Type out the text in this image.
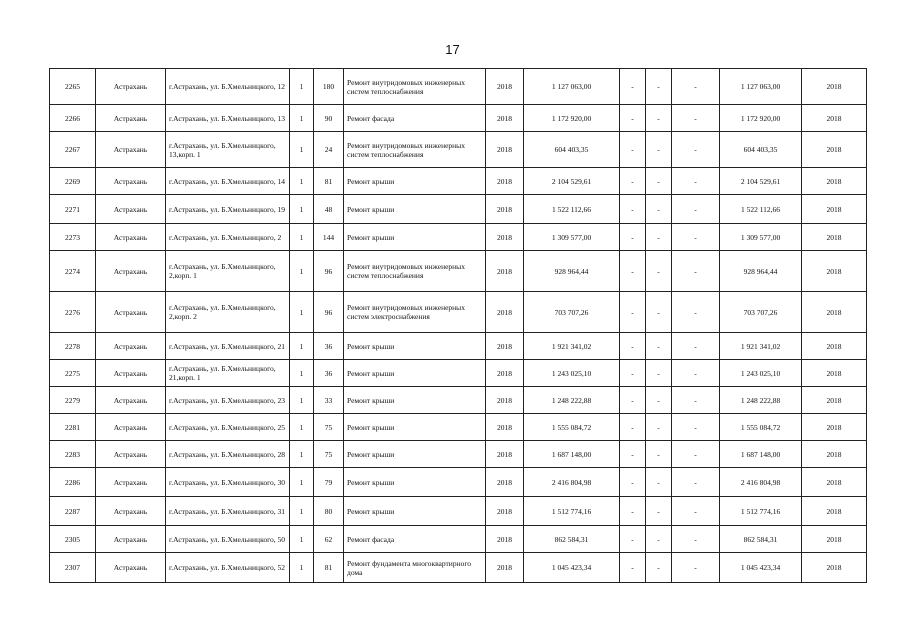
17
2265	Астрахань	г.Астрахань, ул. Б.Хмельницкого, 12	1	180	Ремонт внутридомовых инженерных систем теплоснабжения	2018	1 127 063,00	-	-	-	1 127 063,00	2018
2266	Астрахань	г.Астрахань, ул. Б.Хмельницкого, 13	1	90	Ремонт фасада	2018	1 172 920,00	-	-	-	1 172 920,00	2018
2267	Астрахань	г.Астрахань, ул. Б.Хмельницкого, 13,корп. 1	1	24	Ремонт внутридомовых инженерных систем теплоснабжения	2018	604 403,35	-	-	-	604 403,35	2018
2269	Астрахань	г.Астрахань, ул. Б.Хмельницкого, 14	1	81	Ремонт крыши	2018	2 104 529,61	-	-	-	2 104 529,61	2018
2271	Астрахань	г.Астрахань, ул. Б.Хмельницкого, 19	1	48	Ремонт крыши	2018	1 522 112,66	-	-	-	1 522 112,66	2018
2273	Астрахань	г.Астрахань, ул. Б.Хмельницкого, 2	1	144	Ремонт крыши	2018	1 309 577,00	-	-	-	1 309 577,00	2018
2274	Астрахань	г.Астрахань, ул. Б.Хмельницкого, 2,корп. 1	1	96	Ремонт внутридомовых инженерных систем теплоснабжения	2018	928 964,44	-	-	-	928 964,44	2018
2276	Астрахань	г.Астрахань, ул. Б.Хмельницкого, 2,корп. 2	1	96	Ремонт внутридомовых инженерных систем электроснабжения	2018	703 707,26	-	-	-	703 707,26	2018
2278	Астрахань	г.Астрахань, ул. Б.Хмельницкого, 21	1	36	Ремонт крыши	2018	1 921 341,02	-	-	-	1 921 341,02	2018
2275	Астрахань	г.Астрахань, ул. Б.Хмельницкого, 21,корп. 1	1	36	Ремонт крыши	2018	1 243 025,10	-	-	-	1 243 025,10	2018
2279	Астрахань	г.Астрахань, ул. Б.Хмельницкого, 23	1	33	Ремонт крыши	2018	1 248 222,88	-	-	-	1 248 222,88	2018
2281	Астрахань	г.Астрахань, ул. Б.Хмельницкого, 25	1	75	Ремонт крыши	2018	1 555 084,72	-	-	-	1 555 084,72	2018
2283	Астрахань	г.Астрахань, ул. Б.Хмельницкого, 28	1	75	Ремонт крыши	2018	1 687 148,00	-	-	-	1 687 148,00	2018
2286	Астрахань	г.Астрахань, ул. Б.Хмельницкого, 30	1	79	Ремонт крыши	2018	2 416 804,98	-	-	-	2 416 804,98	2018
2287	Астрахань	г.Астрахань, ул. Б.Хмельницкого, 31	1	80	Ремонт крыши	2018	1 512 774,16	-	-	-	1 512 774,16	2018
2305	Астрахань	г.Астрахань, ул. Б.Хмельницкого, 50	1	62	Ремонт фасада	2018	862 584,31	-	-	-	862 584,31	2018
2307	Астрахань	г.Астрахань, ул. Б.Хмельницкого, 52	1	81	Ремонт фундамента многоквартирного дома	2018	1 045 423,34	-	-	-	1 045 423,34	2018
